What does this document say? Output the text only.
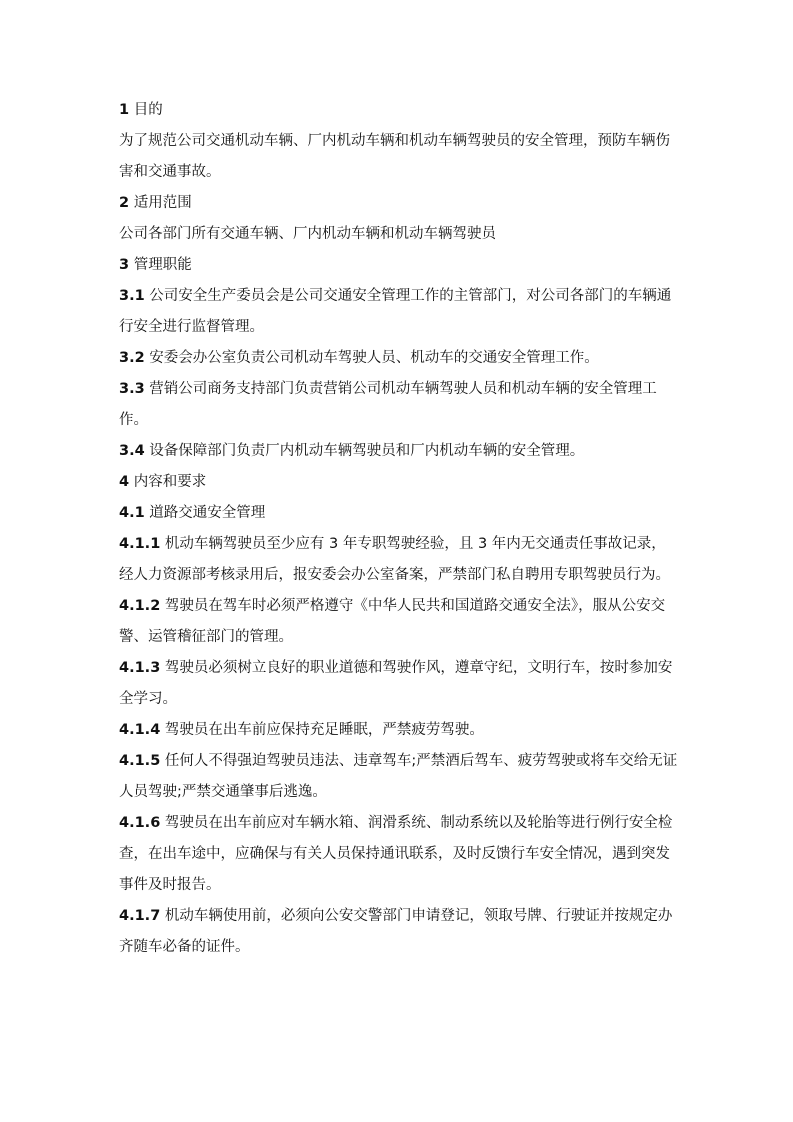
1 目的

为了规范公司交通机动车辆、厂内机动车辆和机动车辆驾驶员的安全管理，预防车辆伤害和交通事故。

2 适用范围

公司各部门所有交通车辆、厂内机动车辆和机动车辆驾驶员

3 管理职能

3.1 公司安全生产委员会是公司交通安全管理工作的主管部门，对公司各部门的车辆通行安全进行监督管理。

3.2 安委会办公室负责公司机动车驾驶人员、机动车的交通安全管理工作。

3.3 营销公司商务支持部门负责营销公司机动车辆驾驶人员和机动车辆的安全管理工作。

3.4 设备保障部门负责厂内机动车辆驾驶员和厂内机动车辆的安全管理。

4 内容和要求

4.1 道路交通安全管理

4.1.1 机动车辆驾驶员至少应有 3 年专职驾驶经验，且 3 年内无交通责任事故记录，经人力资源部考核录用后，报安委会办公室备案，严禁部门私自聘用专职驾驶员行为。

4.1.2 驾驶员在驾车时必须严格遵守《中华人民共和国道路交通安全法》，服从公安交警、运管稽征部门的管理。

4.1.3 驾驶员必须树立良好的职业道德和驾驶作风，遵章守纪，文明行车，按时参加安全学习。

4.1.4 驾驶员在出车前应保持充足睡眠，严禁疲劳驾驶。

4.1.5 任何人不得强迫驾驶员违法、违章驾车;严禁酒后驾车、疲劳驾驶或将车交给无证人员驾驶;严禁交通肇事后逃逸。

4.1.6 驾驶员在出车前应对车辆水箱、润滑系统、制动系统以及轮胎等进行例行安全检查，在出车途中，应确保与有关人员保持通讯联系，及时反馈行车安全情况，遇到突发事件及时报告。

4.1.7 机动车辆使用前，必须向公安交警部门申请登记，领取号牌、行驶证并按规定办齐随车必备的证件。
